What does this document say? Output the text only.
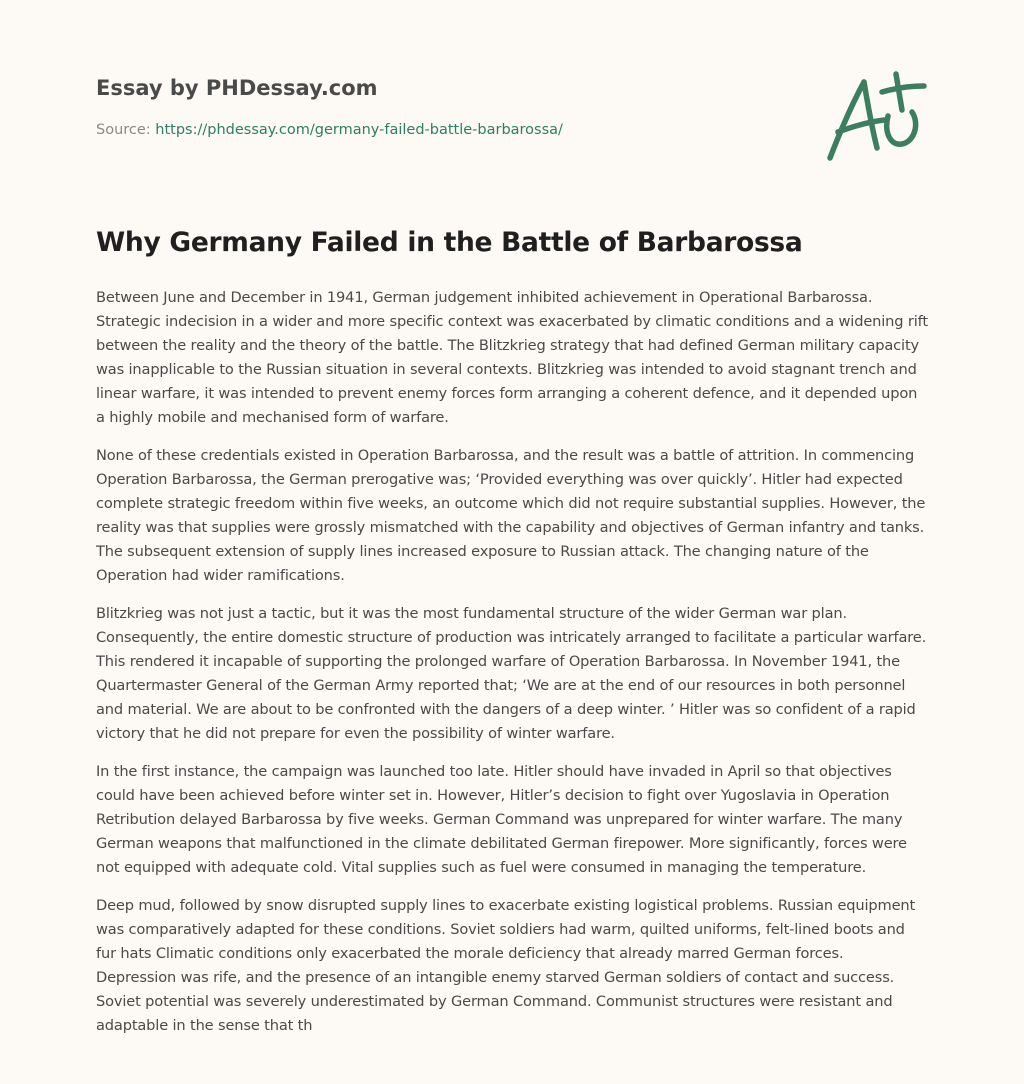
Essay by PHDessay.com
Source: https://phdessay.com/germany-failed-battle-barbarossa/
Why Germany Failed in the Battle of Barbarossa

Between June and December in 1941, German judgement inhibited achievement in Operational Barbarossa. Strategic indecision in a wider and more specific context was exacerbated by climatic conditions and a widening rift between the reality and the theory of the battle. The Blitzkrieg strategy that had defined German military capacity was inapplicable to the Russian situation in several contexts. Blitzkrieg was intended to avoid stagnant trench and linear warfare, it was intended to prevent enemy forces form arranging a coherent defence, and it depended upon a highly mobile and mechanised form of warfare.

None of these credentials existed in Operation Barbarossa, and the result was a battle of attrition. In commencing Operation Barbarossa, the German prerogative was; ‘Provided everything was over quickly’. Hitler had expected complete strategic freedom within five weeks, an outcome which did not require substantial supplies. However, the reality was that supplies were grossly mismatched with the capability and objectives of German infantry and tanks. The subsequent extension of supply lines increased exposure to Russian attack. The changing nature of the Operation had wider ramifications.

Blitzkrieg was not just a tactic, but it was the most fundamental structure of the wider German war plan. Consequently, the entire domestic structure of production was intricately arranged to facilitate a particular warfare. This rendered it incapable of supporting the prolonged warfare of Operation Barbarossa. In November 1941, the Quartermaster General of the German Army reported that; ‘We are at the end of our resources in both personnel and material. We are about to be confronted with the dangers of a deep winter. ’ Hitler was so confident of a rapid victory that he did not prepare for even the possibility of winter warfare.

In the first instance, the campaign was launched too late. Hitler should have invaded in April so that objectives could have been achieved before winter set in. However, Hitler’s decision to fight over Yugoslavia in Operation Retribution delayed Barbarossa by five weeks. German Command was unprepared for winter warfare. The many German weapons that malfunctioned in the climate debilitated German firepower. More significantly, forces were not equipped with adequate cold. Vital supplies such as fuel were consumed in managing the temperature.

Deep mud, followed by snow disrupted supply lines to exacerbate existing logistical problems. Russian equipment was comparatively adapted for these conditions. Soviet soldiers had warm, quilted uniforms, felt-lined boots and fur hats Climatic conditions only exacerbated the morale deficiency that already marred German forces. Depression was rife, and the presence of an intangible enemy starved German soldiers of contact and success. Soviet potential was severely underestimated by German Command. Communist structures were resistant and adaptable in the sense that th
